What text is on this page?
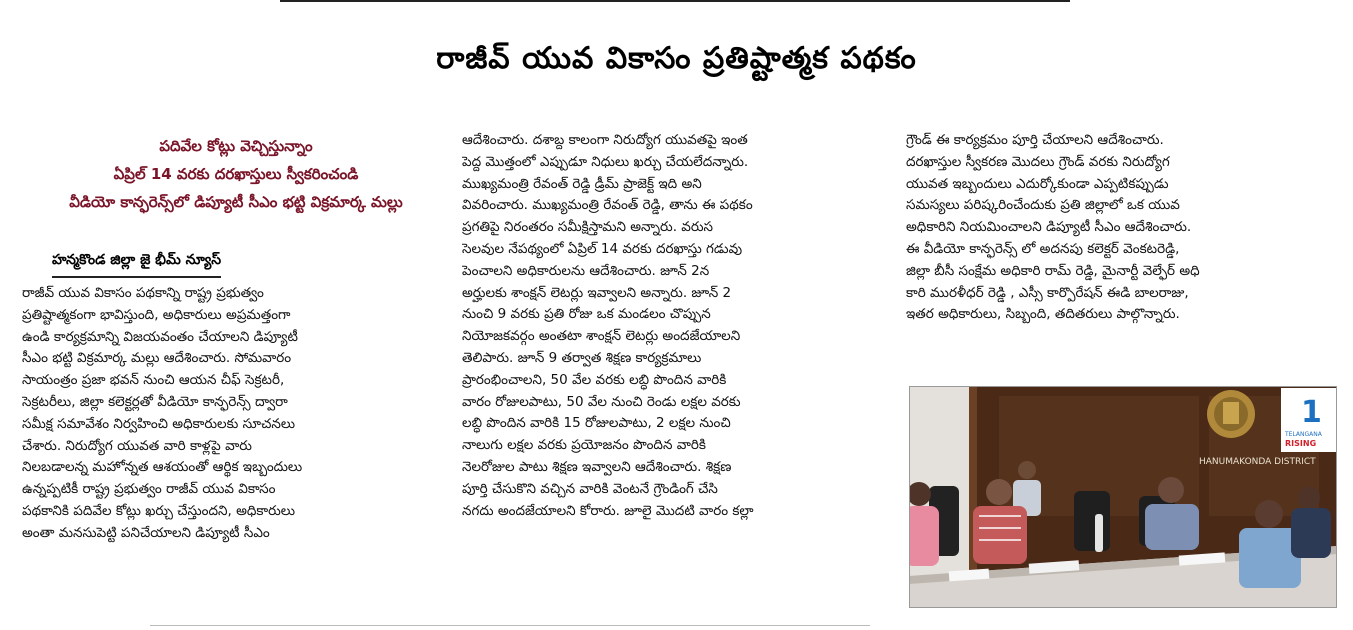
రాజీవ్ యువ వికాసం ప్రతిష్టాత్మక పథకం
పదివేల కోట్లు వెచ్చిస్తున్నాం
ఏప్రిల్ 14 వరకు దరఖాస్తులు స్వీకరించండి
వీడియో కాన్ఫరెన్స్‌లో డిప్యూటీ సీఎం భట్టి విక్రమార్క మల్లు
హన్మకొండ జిల్లా జై భీమ్ న్యూస్
రాజీవ్ యువ వికాసం పథకాన్ని రాష్ట్ర ప్రభుత్వం
ప్రతిష్టాత్మకంగా భావిస్తుంది, అధికారులు అప్రమత్తంగా
ఉండి కార్యక్రమాన్ని విజయవంతం చేయాలని డిప్యూటీ
సీఎం భట్టి విక్రమార్క మల్లు ఆదేశించారు. సోమవారం
సాయంత్రం ప్రజా భవన్ నుంచి ఆయన చీఫ్ సెక్రటరీ,
సెక్రటరీలు, జిల్లా కలెక్టర్లతో వీడియో కాన్ఫరెన్స్ ద్వారా
సమీక్ష సమావేశం నిర్వహించి అధికారులకు సూచనలు
చేశారు. నిరుద్యోగ యువత వారి కాళ్లపై వారు
నిలబడాలన్న మహోన్నత ఆశయంతో ఆర్థిక ఇబ్బందులు
ఉన్నప్పటికీ రాష్ట్ర ప్రభుత్వం రాజీవ్ యువ వికాసం
పథకానికి పదివేల కోట్లు ఖర్చు చేస్తుందని, అధికారులు
అంతా మనసుపెట్టి పనిచేయాలని డిప్యూటీ సీఎం
ఆదేశించారు. దశాబ్ద కాలంగా నిరుద్యోగ యువతపై ఇంత
పెద్ద మొత్తంలో ఎప్పుడూ నిధులు ఖర్చు చేయలేదన్నారు.
ముఖ్యమంత్రి రేవంత్ రెడ్డి డ్రీమ్ ప్రాజెక్ట్ ఇది అని
వివరించారు. ముఖ్యమంత్రి రేవంత్ రెడ్డి, తాను ఈ పథకం
ప్రగతిపై నిరంతరం సమీక్షిస్తామని అన్నారు. వరుస
సెలవుల నేపథ్యంలో ఏప్రిల్ 14 వరకు దరఖాస్తు గడువు
పెంచాలని అధికారులను ఆదేశించారు. జూన్ 2న
అర్హులకు శాంక్షన్ లెటర్లు ఇవ్వాలని అన్నారు. జూన్ 2
నుంచి 9 వరకు ప్రతి రోజు ఒక మండలం చొప్పున
నియోజకవర్గం అంతటా శాంక్షన్ లెటర్లు అందజేయాలని
తెలిపారు. జూన్ 9 తర్వాత శిక్షణ కార్యక్రమాలు
ప్రారంభించాలని, 50 వేల వరకు లబ్ధి పొందిన వారికి
వారం రోజులపాటు, 50 వేల నుంచి రెండు లక్షల వరకు
లబ్ధి పొందిన వారికి 15 రోజులపాటు, 2 లక్షల నుంచి
నాలుగు లక్షల వరకు ప్రయోజనం పొందిన వారికి
నెలరోజుల పాటు శిక్షణ ఇవ్వాలని ఆదేశించారు. శిక్షణ
పూర్తి చేసుకొని వచ్చిన వారికి వెంటనే గ్రౌండింగ్ చేసి
నగదు అందజేయాలని కోరారు. జూలై మొదటి వారం కల్లా
గ్రౌండ్ ఈ కార్యక్రమం పూర్తి చేయాలని ఆదేశించారు.
దరఖాస్తుల స్వీకరణ మొదలు గ్రౌండ్ వరకు నిరుద్యోగ
యువత ఇబ్బందులు ఎదుర్కోకుండా ఎప్పటికప్పుడు
సమస్యలు పరిష్కరించేందుకు ప్రతి జిల్లాలో ఒక యువ
అధికారిని నియమించాలని డిప్యూటీ సీఎం ఆదేశించారు.
ఈ వీడియో కాన్ఫరెన్స్ లో అదనపు కలెక్టర్ వెంకటరెడ్డి,
జిల్లా బీసీ సంక్షేమ అధికారి రామ్ రెడ్డి, మైనార్టీ వెల్ఫేర్ అధి
కారి మురళీధర్ రెడ్డి , ఎస్సీ కార్పొరేషన్ ఈడి బాలరాజు,
ఇతర అధికారులు, సిబ్బంది, తదితరులు పాల్గొన్నారు.
HANUMAKONDA DISTRICT
1
TELANGANA
RISING
